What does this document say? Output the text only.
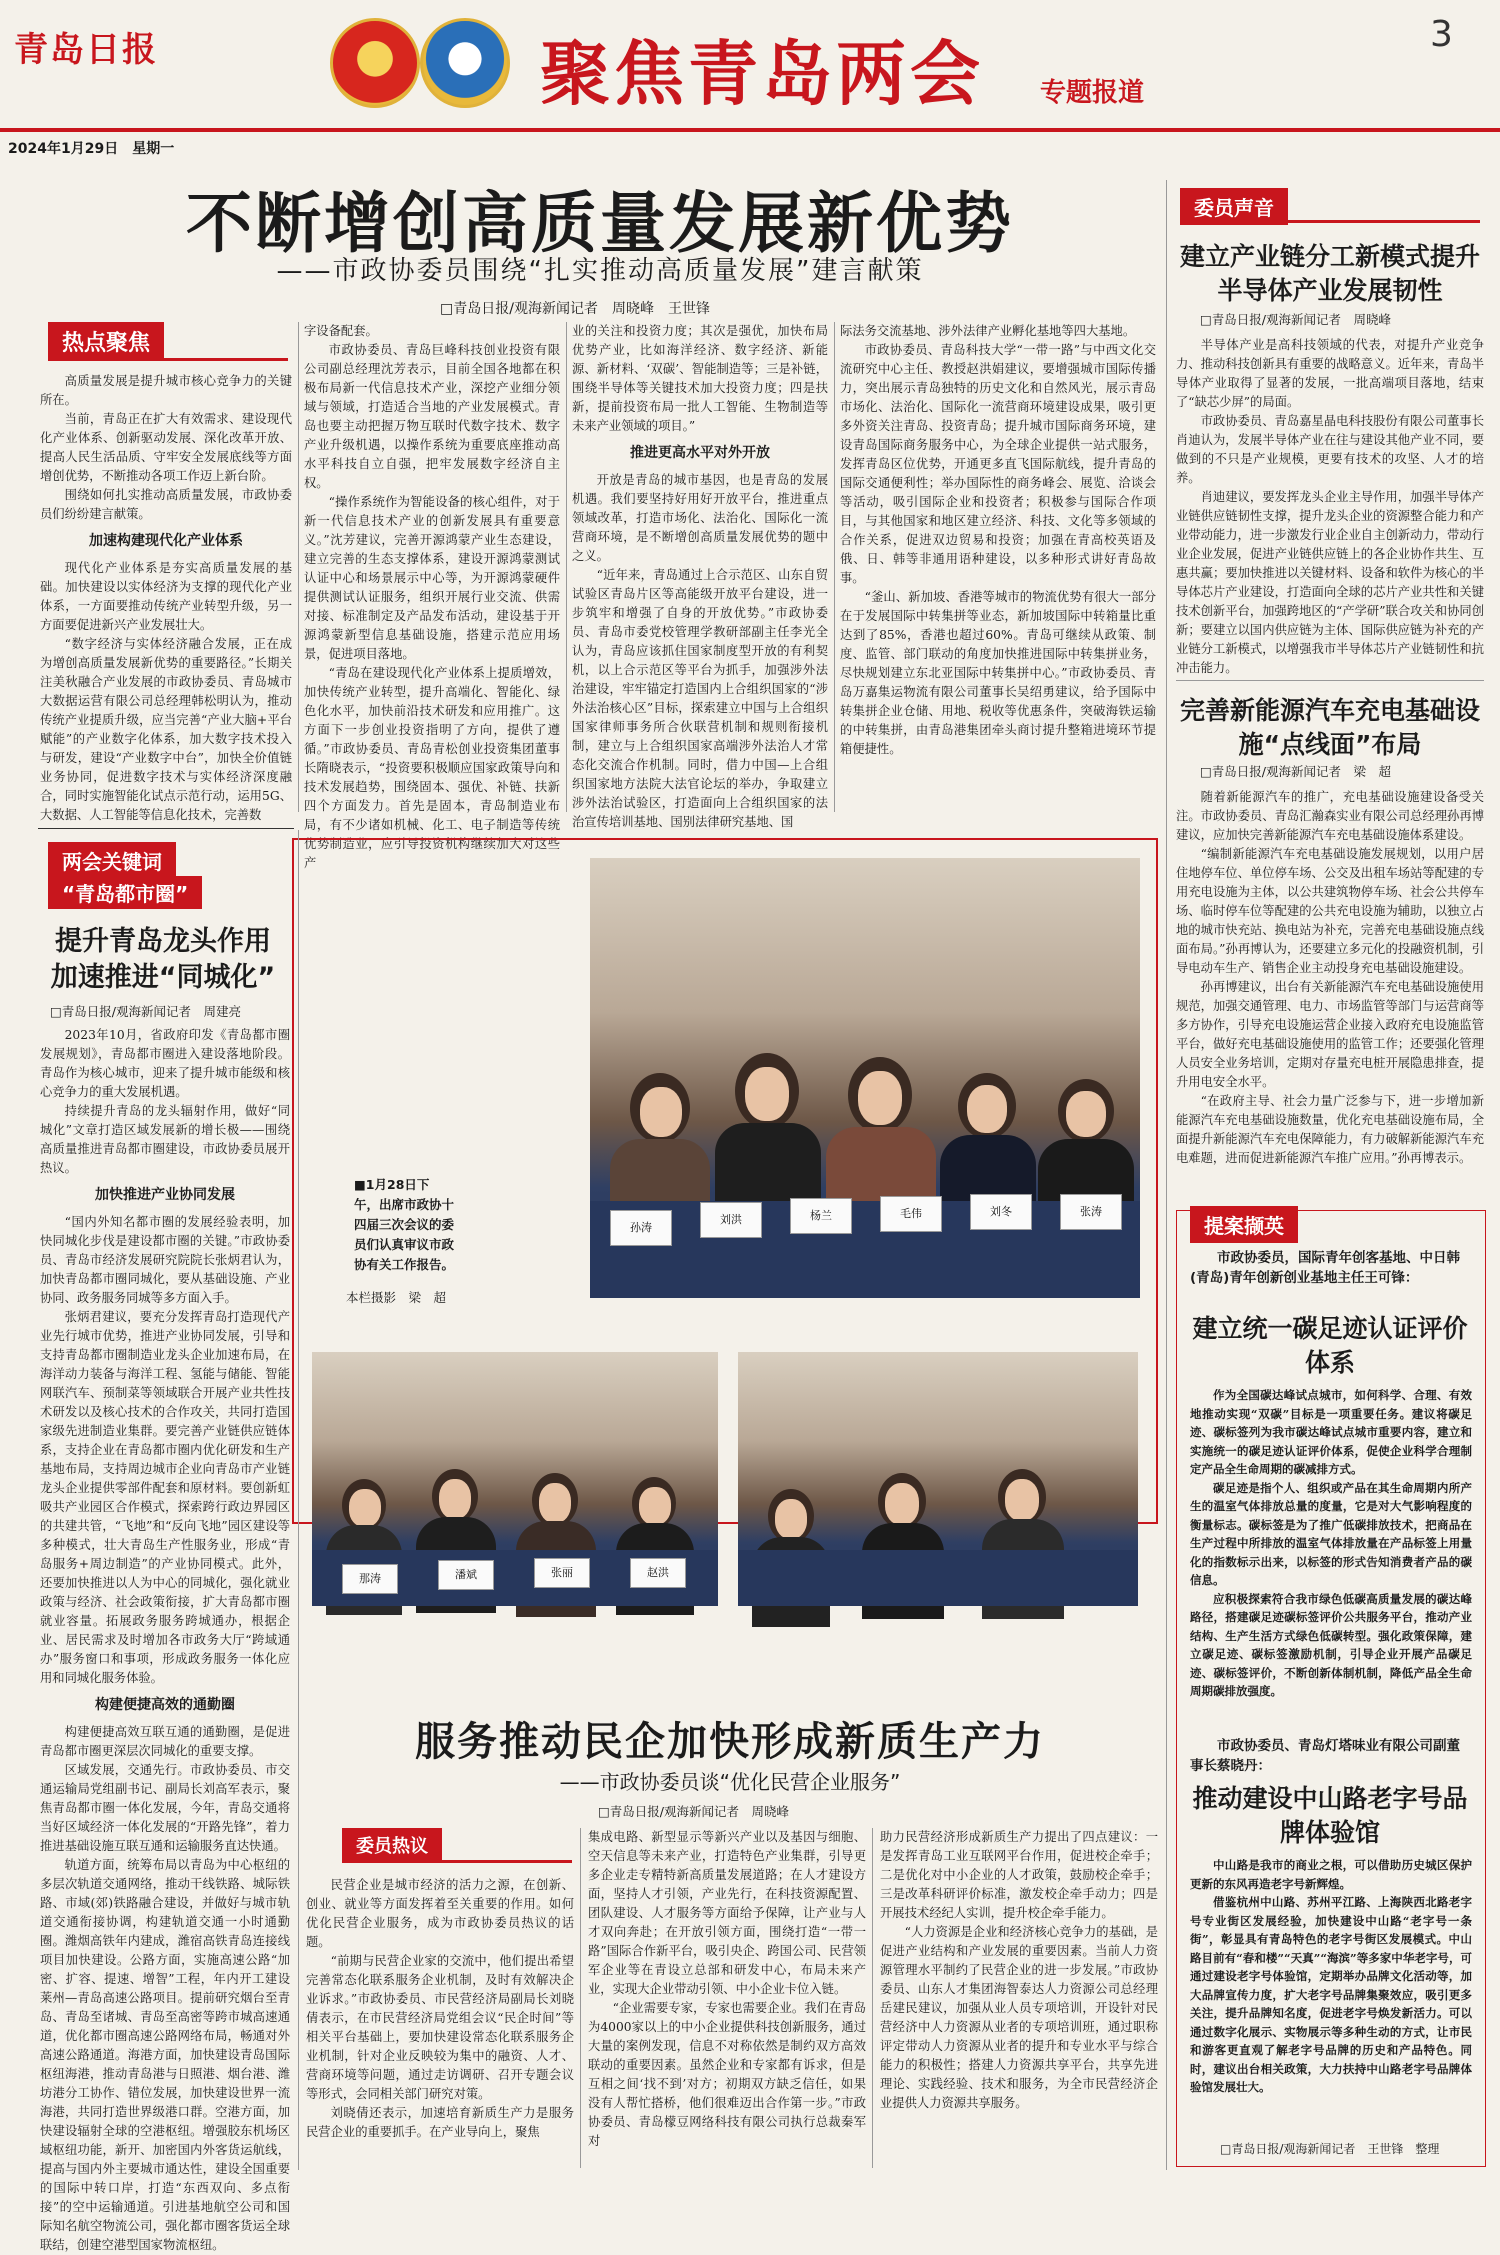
青岛日报	聚焦青岛两会 专题报道
3
2024年1月29日　星期一
不断增创高质量发展新优势
——市政协委员围绕“扎实推动高质量发展”建言献策
□青岛日报/观海新闻记者　周晓峰　王世锋
热点聚焦

高质量发展是提升城市核心竞争力的关键所在。

当前，青岛正在扩大有效需求、建设现代化产业体系、创新驱动发展、深化改革开放、提高人民生活品质、守牢安全发展底线等方面增创优势，不断推动各项工作迈上新台阶。

围绕如何扎实推动高质量发展，市政协委员们纷纷建言献策。

加速构建现代化产业体系

现代化产业体系是夯实高质量发展的基础。加快建设以实体经济为支撑的现代化产业体系，一方面要推动传统产业转型升级，另一方面要促进新兴产业发展壮大。

“数字经济与实体经济融合发展，正在成为增创高质量发展新优势的重要路径。”长期关注美秋融合产业发展的市政协委员、青岛城市大数据运营有限公司总经理韩松明认为，推动传统产业提质升级，应当完善“产业大脑+平台赋能”的产业数字化体系，加大数字技术投入与研发，建设“产业数字中台”，加快全价值链业务协同，促进数字技术与实体经济深度融合，同时实施智能化试点示范行动，运用5G、大数据、人工智能等信息化技术，完善数

字设备配套。

市政协委员、青岛巨峰科技创业投资有限公司副总经理沈芳表示，目前全国各地都在积极布局新一代信息技术产业，深挖产业细分领域与领域，打造适合当地的产业发展模式。青岛也要主动把握万物互联时代数字技术、数字产业升级机遇，以操作系统为重要底座推动高水平科技自立自强，把牢发展数字经济自主权。

“操作系统作为智能设备的核心组件，对于新一代信息技术产业的创新发展具有重要意义。”沈芳建议，完善开源鸿蒙产业生态建设，建立完善的生态支撑体系，建设开源鸿蒙测试认证中心和场景展示中心等，为开源鸿蒙硬件提供测试认证服务，组织开展行业交流、供需对接、标准制定及产品发布活动，建设基于开源鸿蒙新型信息基础设施，搭建示范应用场景，促进项目落地。

“青岛在建设现代化产业体系上提质增效，加快传统产业转型，提升高端化、智能化、绿色化水平，加快前沿技术研发和应用推广。这方面下一步创业投资指明了方向，提供了遵循。”市政协委员、青岛青松创业投资集团董事长隋晓表示，“投资要积极顺应国家政策导向和技术发展趋势，围绕固本、强优、补链、扶新四个方面发力。首先是固本，青岛制造业布局，有不少诸如机械、化工、电子制造等传统优势制造业，应引导投资机构继续加大对这些产

业的关注和投资力度；其次是强优，加快布局优势产业，比如海洋经济、数字经济、新能源、新材料、‘双碳’、智能制造等；三是补链，围绕半导体等关键技术加大投资力度；四是扶新，提前投资布局一批人工智能、生物制造等未来产业领域的项目。”

推进更高水平对外开放

开放是青岛的城市基因，也是青岛的发展机遇。我们要坚持好用好开放平台，推进重点领域改革，打造市场化、法治化、国际化一流营商环境，是不断增创高质量发展优势的题中之义。

“近年来，青岛通过上合示范区、山东自贸试验区青岛片区等高能级开放平台建设，进一步筑牢和增强了自身的开放优势。”市政协委员、青岛市委党校管理学教研部副主任李光全认为，青岛应该抓住国家制度型开放的有利契机，以上合示范区等平台为抓手，加强涉外法治建设，牢牢锚定打造国内上合组织国家的“涉外法治核心区”目标，探索建立中国与上合组织国家律师事务所合伙联营机制和规则衔接机制，建立与上合组织国家高端涉外法治人才常态化交流合作机制。同时，借力中国—上合组织国家地方法院大法官论坛的举办，争取建立涉外法治试验区，打造面向上合组织国家的法治宣传培训基地、国别法律研究基地、国

际法务交流基地、涉外法律产业孵化基地等四大基地。

市政协委员、青岛科技大学“一带一路”与中西文化交流研究中心主任、教授赵洪娟建议，要增强城市国际传播力，突出展示青岛独特的历史文化和自然风光，展示青岛市场化、法治化、国际化一流营商环境建设成果，吸引更多外资关注青岛、投资青岛；提升城市国际商务环境，建设青岛国际商务服务中心，为全球企业提供一站式服务，发挥青岛区位优势，开通更多直飞国际航线，提升青岛的国际交通便利性；举办国际性的商务峰会、展览、洽谈会等活动，吸引国际企业和投资者；积极参与国际合作项目，与其他国家和地区建立经济、科技、文化等多领域的合作关系，促进双边贸易和投资；加强在青高校英语及俄、日、韩等非通用语种建设，以多种形式讲好青岛故事。

“釜山、新加坡、香港等城市的物流优势有很大一部分在于发展国际中转集拼等业态，新加坡国际中转箱量比重达到了85%，香港也超过60%。青岛可继续从政策、制度、监管、部门联动的角度加快推进国际中转集拼业务，尽快规划建立东北亚国际中转集拼中心。”市政协委员、青岛万嘉集运物流有限公司董事长吴绍勇建议，给予国际中转集拼企业仓储、用地、税收等优惠条件，突破海铁运输的中转集拼，由青岛港集团牵头商讨提升整箱进境环节提箱便捷性。

孙涛
刘洪	杨兰	毛伟	刘冬	张涛
■1月28日下午，出席市政协十四届三次会议的委员们认真审议市政协有关工作报告。
本栏摄影　梁　超
那涛	潘斌	张丽	赵洪
两会关键词
“青岛都市圈”
提升青岛龙头作用加速推进“同城化”
□青岛日报/观海新闻记者　周建亮

2023年10月，省政府印发《青岛都市圈发展规划》，青岛都市圈进入建设落地阶段。青岛作为核心城市，迎来了提升城市能级和核心竞争力的重大发展机遇。

持续提升青岛的龙头辐射作用，做好“同城化”文章打造区域发展新的增长极——围绕高质量推进青岛都市圈建设，市政协委员展开热议。

加快推进产业协同发展

“国内外知名都市圈的发展经验表明，加快同城化步伐是建设都市圈的关键。”市政协委员、青岛市经济发展研究院院长张炳君认为，加快青岛都市圈同城化，要从基础设施、产业协同、政务服务同城等多方面入手。

张炳君建议，要充分发挥青岛打造现代产业先行城市优势，推进产业协同发展，引导和支持青岛都市圈制造业龙头企业加速布局，在海洋动力装备与海洋工程、氢能与储能、智能网联汽车、预制菜等领域联合开展产业共性技术研发以及核心技术的合作攻关，共同打造国家级先进制造业集群。要完善产业链供应链体系，支持企业在青岛都市圈内优化研发和生产基地布局，支持周边城市企业向青岛市产业链龙头企业提供零部件配套和原材料。要创新虹吸共产业园区合作模式，探索跨行政边界园区的共建共管，“飞地”和“反向飞地”园区建设等多种模式，壮大青岛生产性服务业，形成“青岛服务+周边制造”的产业协同模式。此外，还要加快推进以人为中心的同城化，强化就业政策与经济、社会政策衔接，扩大青岛都市圈就业容量。拓展政务服务跨城通办，根据企业、居民需求及时增加各市政务大厅“跨域通办”服务窗口和事项，形成政务服务一体化应用和同城化服务体验。

构建便捷高效的通勤圈

构建便捷高效互联互通的通勤圈，是促进青岛都市圈更深层次同城化的重要支撑。

区域发展，交通先行。市政协委员、市交通运输局党组副书记、副局长刘高军表示，聚焦青岛都市圈一体化发展，今年，青岛交通将当好区域经济一体化发展的“开路先锋”，着力推进基础设施互联互通和运输服务直达快通。

轨道方面，统筹布局以青岛为中心枢纽的多层次轨道交通网络，推动干线铁路、城际铁路、市域(郊)铁路融合建设，并做好与城市轨道交通衔接协调，构建轨道交通一小时通勤圈。潍烟高铁年内建成，潍宿高铁青岛连接线项目加快建设。公路方面，实施高速公路“加密、扩容、提速、增智”工程，年内开工建设莱州—青岛高速公路项目。提前研究烟台至青岛、青岛至诸城、青岛至高密等跨市城高速通道，优化都市圈高速公路网络布局，畅通对外高速公路通道。海港方面，加快建设青岛国际枢纽海港，推动青岛港与日照港、烟台港、潍坊港分工协作、错位发展，加快建设世界一流海港，共同打造世界级港口群。空港方面，加快建设辐射全球的空港枢纽。增强胶东机场区域枢纽功能，新开、加密国内外客货运航线，提高与国内外主要城市通达性，建设全国重要的国际中转口岸，打造“东西双向、多点衔接”的空中运输通道。引进基地航空公司和国际知名航空物流公司，强化都市圈客货运全球联结，创建空港型国家物流枢纽。

委员声音
建立产业链分工新模式提升半导体产业发展韧性
□青岛日报/观海新闻记者　周晓峰

半导体产业是高科技领域的代表，对提升产业竞争力、推动科技创新具有重要的战略意义。近年来，青岛半导体产业取得了显著的发展，一批高端项目落地，结束了“缺芯少屏”的局面。

市政协委员、青岛嘉星晶电科技股份有限公司董事长肖迪认为，发展半导体产业在往与建设其他产业不同，要做到的不只是产业规模，更要有技术的攻坚、人才的培养。

肖迪建议，要发挥龙头企业主导作用，加强半导体产业链供应链韧性支撑，提升龙头企业的资源整合能力和产业带动能力，进一步激发行业企业自主创新动力，带动行业企业发展，促进产业链供应链上的各企业协作共生、互惠共赢；要加快推进以关键材料、设备和软件为核心的半导体芯片产业建设，打造面向全球的芯片产业共性和关键技术创新平台，加强跨地区的“产学研”联合攻关和协同创新；要建立以国内供应链为主体、国际供应链为补充的产业链分工新模式，以增强我市半导体芯片产业链韧性和抗冲击能力。

完善新能源汽车充电基础设施“点线面”布局
□青岛日报/观海新闻记者　梁　超

随着新能源汽车的推广，充电基础设施建设备受关注。市政协委员、青岛汇瀚森实业有限公司总经理孙再博建议，应加快完善新能源汽车充电基础设施体系建设。

“编制新能源汽车充电基础设施发展规划，以用户居住地停车位、单位停车场、公交及出租车场站等配建的专用充电设施为主体，以公共建筑物停车场、社会公共停车场、临时停车位等配建的公共充电设施为辅助，以独立占地的城市快充站、换电站为补充，完善充电基础设施点线面布局。”孙再博认为，还要建立多元化的投融资机制，引导电动车生产、销售企业主动投身充电基础设施建设。

孙再博建议，出台有关新能源汽车充电基础设施使用规范，加强交通管理、电力、市场监管等部门与运营商等多方协作，引导充电设施运营企业接入政府充电设施监管平台，做好充电基础设施使用的监管工作；还要强化管理人员安全业务培训，定期对存量充电桩开展隐患排查，提升用电安全水平。

“在政府主导、社会力量广泛参与下，进一步增加新能源汽车充电基础设施数量，优化充电基础设施布局，全面提升新能源汽车充电保障能力，有力破解新能源汽车充电难题，进而促进新能源汽车推广应用。”孙再博表示。

提案撷英
市政协委员，国际青年创客基地、中日韩(青岛)青年创新创业基地主任王可锋：
建立统一碳足迹认证评价体系

作为全国碳达峰试点城市，如何科学、合理、有效地推动实现“双碳”目标是一项重要任务。建议将碳足迹、碳标签列为我市碳达峰试点城市重要内容，建立和实施统一的碳足迹认证评价体系，促使企业科学合理制定产品全生命周期的碳减排方式。

碳足迹是指个人、组织或产品在其生命周期内所产生的温室气体排放总量的度量，它是对大气影响程度的衡量标志。碳标签是为了推广低碳排放技术，把商品在生产过程中所排放的温室气体排放量在产品标签上用量化的指数标示出来，以标签的形式告知消费者产品的碳信息。

应积极探索符合我市绿色低碳高质量发展的碳达峰路径，搭建碳足迹碳标签评价公共服务平台，推动产业结构、生产生活方式绿色低碳转型。强化政策保障，建立碳足迹、碳标签激励机制，引导企业开展产品碳足迹、碳标签评价，不断创新体制机制，降低产品全生命周期碳排放强度。

市政协委员、青岛灯塔味业有限公司副董事长蔡晓丹：
推动建设中山路老字号品牌体验馆

中山路是我市的商业之根，可以借助历史城区保护更新的东风再造老字号新辉煌。

借鉴杭州中山路、苏州平江路、上海陕西北路老字号专业街区发展经验，加快建设中山路“老字号一条街”，彰显具有青岛特色的老字号街区发展模式。中山路目前有“春和楼”“天真”“海滨”等多家中华老字号，可通过建设老字号体验馆，定期举办品牌文化活动等，加大品牌宣传力度，扩大老字号品牌集聚效应，吸引更多关注，提升品牌知名度，促进老字号焕发新活力。可以通过数字化展示、实物展示等多种生动的方式，让市民和游客更直观了解老字号品牌的历史和产品特色。同时，建议出台相关政策，大力扶持中山路老字号品牌体验馆发展壮大。

□青岛日报/观海新闻记者　王世锋　整理
服务推动民企加快形成新质生产力
——市政协委员谈“优化民营企业服务”
□青岛日报/观海新闻记者　周晓峰
委员热议

民营企业是城市经济的活力之源，在创新、创业、就业等方面发挥着至关重要的作用。如何优化民营企业服务，成为市政协委员热议的话题。

“前期与民营企业家的交流中，他们提出希望完善常态化联系服务企业机制，及时有效解决企业诉求。”市政协委员、市民营经济局副局长刘晓倩表示，在市民营经济局党组会议“民企时间”等相关平台基础上，要加快建设常态化联系服务企业机制，针对企业反映较为集中的融资、人才、营商环境等问题，通过走访调研、召开专题会议等形式，会同相关部门研究对策。

刘晓倩还表示，加速培育新质生产力是服务民营企业的重要抓手。在产业导向上，聚焦

集成电路、新型显示等新兴产业以及基因与细胞、空天信息等未来产业，打造特色产业集群，引导更多企业走专精特新高质量发展道路；在人才建设方面，坚持人才引领，产业先行，在科技资源配置、团队建设、人才服务等方面给予保障，让产业与人才双向奔赴；在开放引领方面，围绕打造“一带一路”国际合作新平台，吸引央企、跨国公司、民营领军企业等在青设立总部和研发中心，布局未来产业，实现大企业带动引领、中小企业卡位入链。

“企业需要专家，专家也需要企业。我们在青岛为4000家以上的中小企业提供科技创新服务，通过大量的案例发现，信息不对称依然是制约双方高效联动的重要因素。虽然企业和专家都有诉求，但是互相之间‘找不到’对方；初期双方缺乏信任，如果没有人帮忙搭桥，他们很难迈出合作第一步。”市政协委员、青岛檬豆网络科技有限公司执行总裁秦军对

助力民营经济形成新质生产力提出了四点建议：一是发挥青岛工业互联网平台作用，促进校企牵手；二是优化对中小企业的人才政策，鼓励校企牵手；三是改革科研评价标准，激发校企牵手动力；四是开展技术经纪人实训，提升校企牵手能力。

“人力资源是企业和经济核心竞争力的基础，是促进产业结构和产业发展的重要因素。当前人力资源管理水平制约了民营企业的进一步发展。”市政协委员、山东人才集团海智泰达人力资源公司总经理岳建民建议，加强从业人员专项培训，开设针对民营经济中人力资源从业者的专项培训班，通过职称评定带动人力资源从业者的提升和专业水平与综合能力的积极性；搭建人力资源共享平台，共享先进理论、实践经验、技术和服务，为全市民营经济企业提供人力资源共享服务。
